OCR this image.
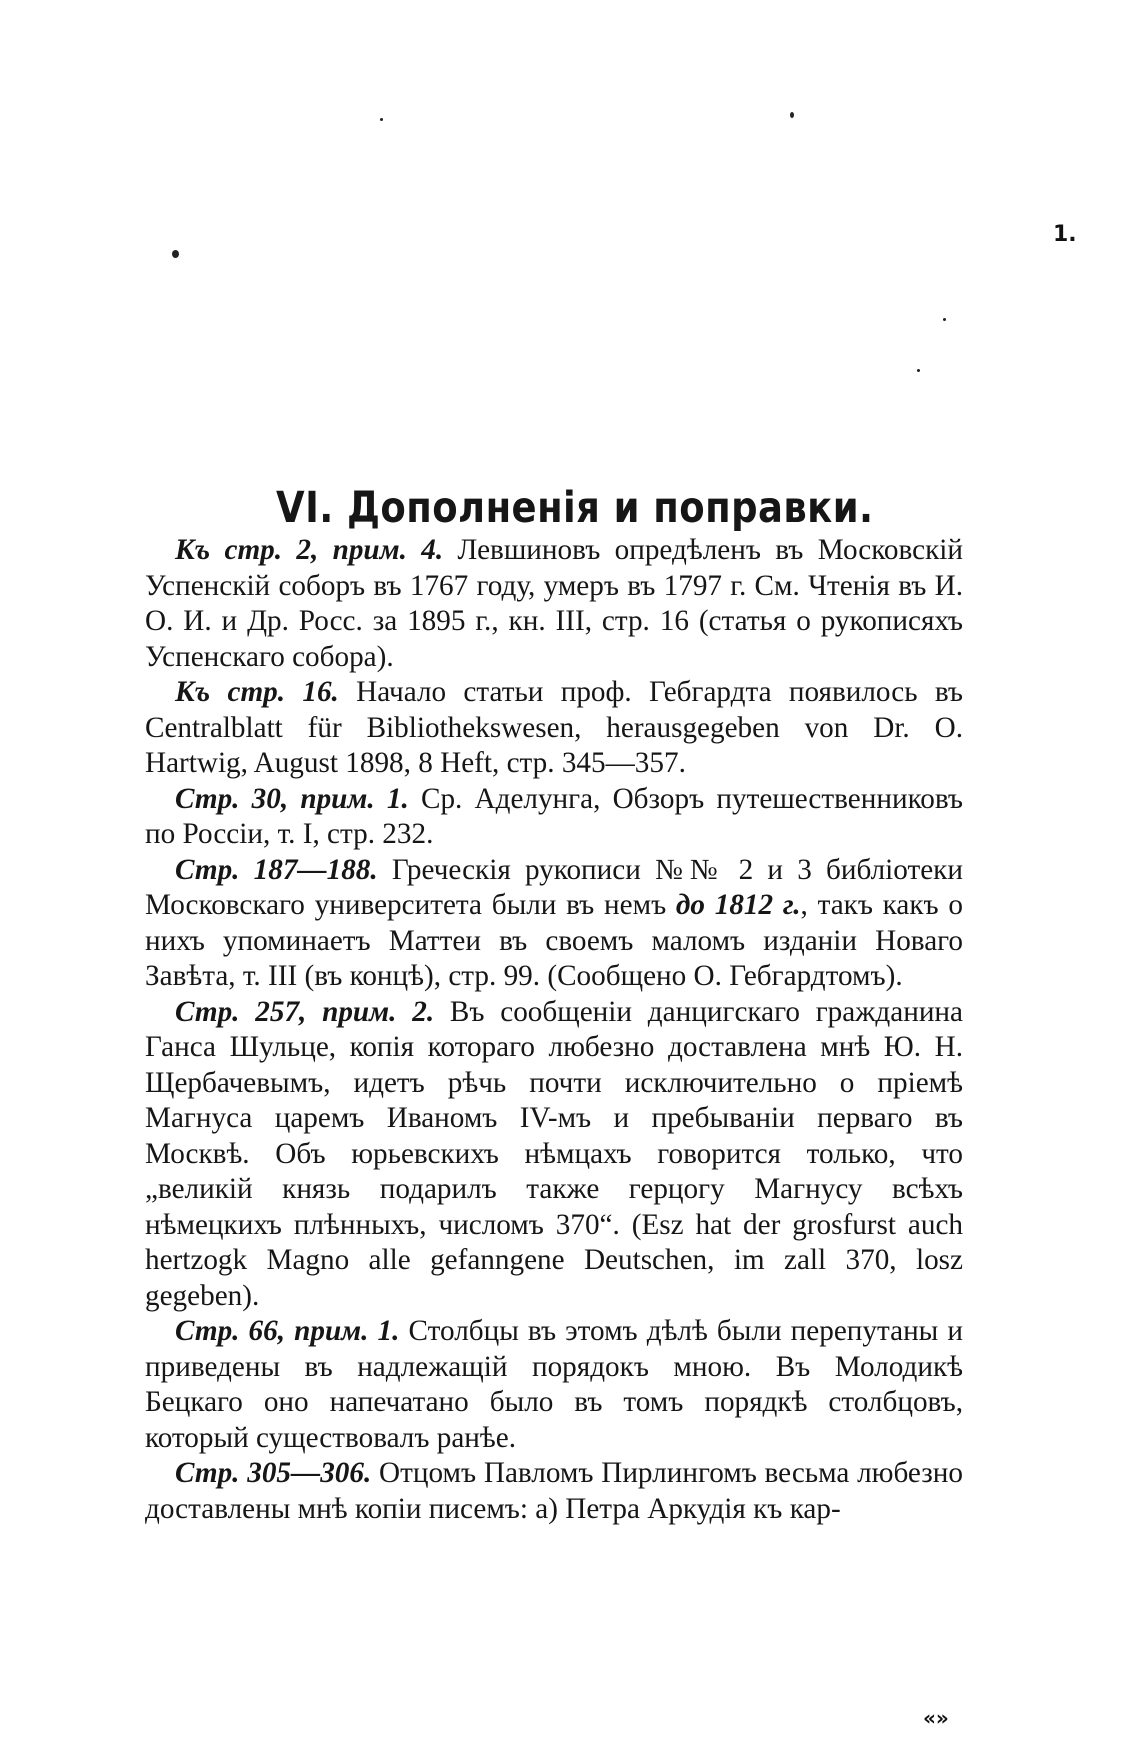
1.
«»
VI. Дополненія и поправки.

Къ стр. 2, прим. 4. Левшиновъ опредѣленъ въ Московскій Успенскій соборъ въ 1767 году, умеръ въ 1797 г. См. Чтенія въ И. О. И. и Др. Росс. за 1895 г., кн. III, стр. 16 (статья о рукописяхъ Успенскаго собора).

Къ стр. 16. Начало статьи проф. Гебгардта появилось въ Centralblatt für Bibliothekswesen, herausgegeben von Dr. O. Hartwig, August 1898, 8 Heft, стр. 345—357.

Стр. 30, прим. 1. Ср. Аделунга, Обзоръ путешественниковъ по Россіи, т. I, стр. 232.

Стр. 187—188. Греческія рукописи №№ 2 и 3 библіотеки Московскаго университета были въ немъ до 1812 г., такъ какъ о нихъ упоминаетъ Маттеи въ своемъ маломъ изданіи Новаго Завѣта, т. III (въ концѣ), стр. 99. (Сообщено О. Гебгардтомъ).

Стр. 257, прим. 2. Въ сообщеніи данцигскаго гражданина Ганса Шульце, копія котораго любезно доставлена мнѣ Ю. Н. Щербачевымъ, идетъ рѣчь почти исключительно о пріемѣ Магнуса царемъ Иваномъ IV-мъ и пребываніи перваго въ Москвѣ. Объ юрьевскихъ нѣмцахъ говорится только, что „великій князь подарилъ также герцогу Магнусу всѣхъ нѣмецкихъ плѣнныхъ, числомъ 370“. (Esz hat der grosfurst auch hertzogk Magno alle gefanngene Deutschen, im zall 370, losz gegeben).

Стр. 66, прим. 1. Столбцы въ этомъ дѣлѣ были перепутаны и приведены въ надлежащій порядокъ мною. Въ Молодикѣ Бецкаго оно напечатано было въ томъ порядкѣ столбцовъ, который существовалъ ранѣе.

Стр. 305—306. Отцомъ Павломъ Пирлингомъ весьма любезно доставлены мнѣ копіи писемъ: а) Петра Аркудія къ кар-
